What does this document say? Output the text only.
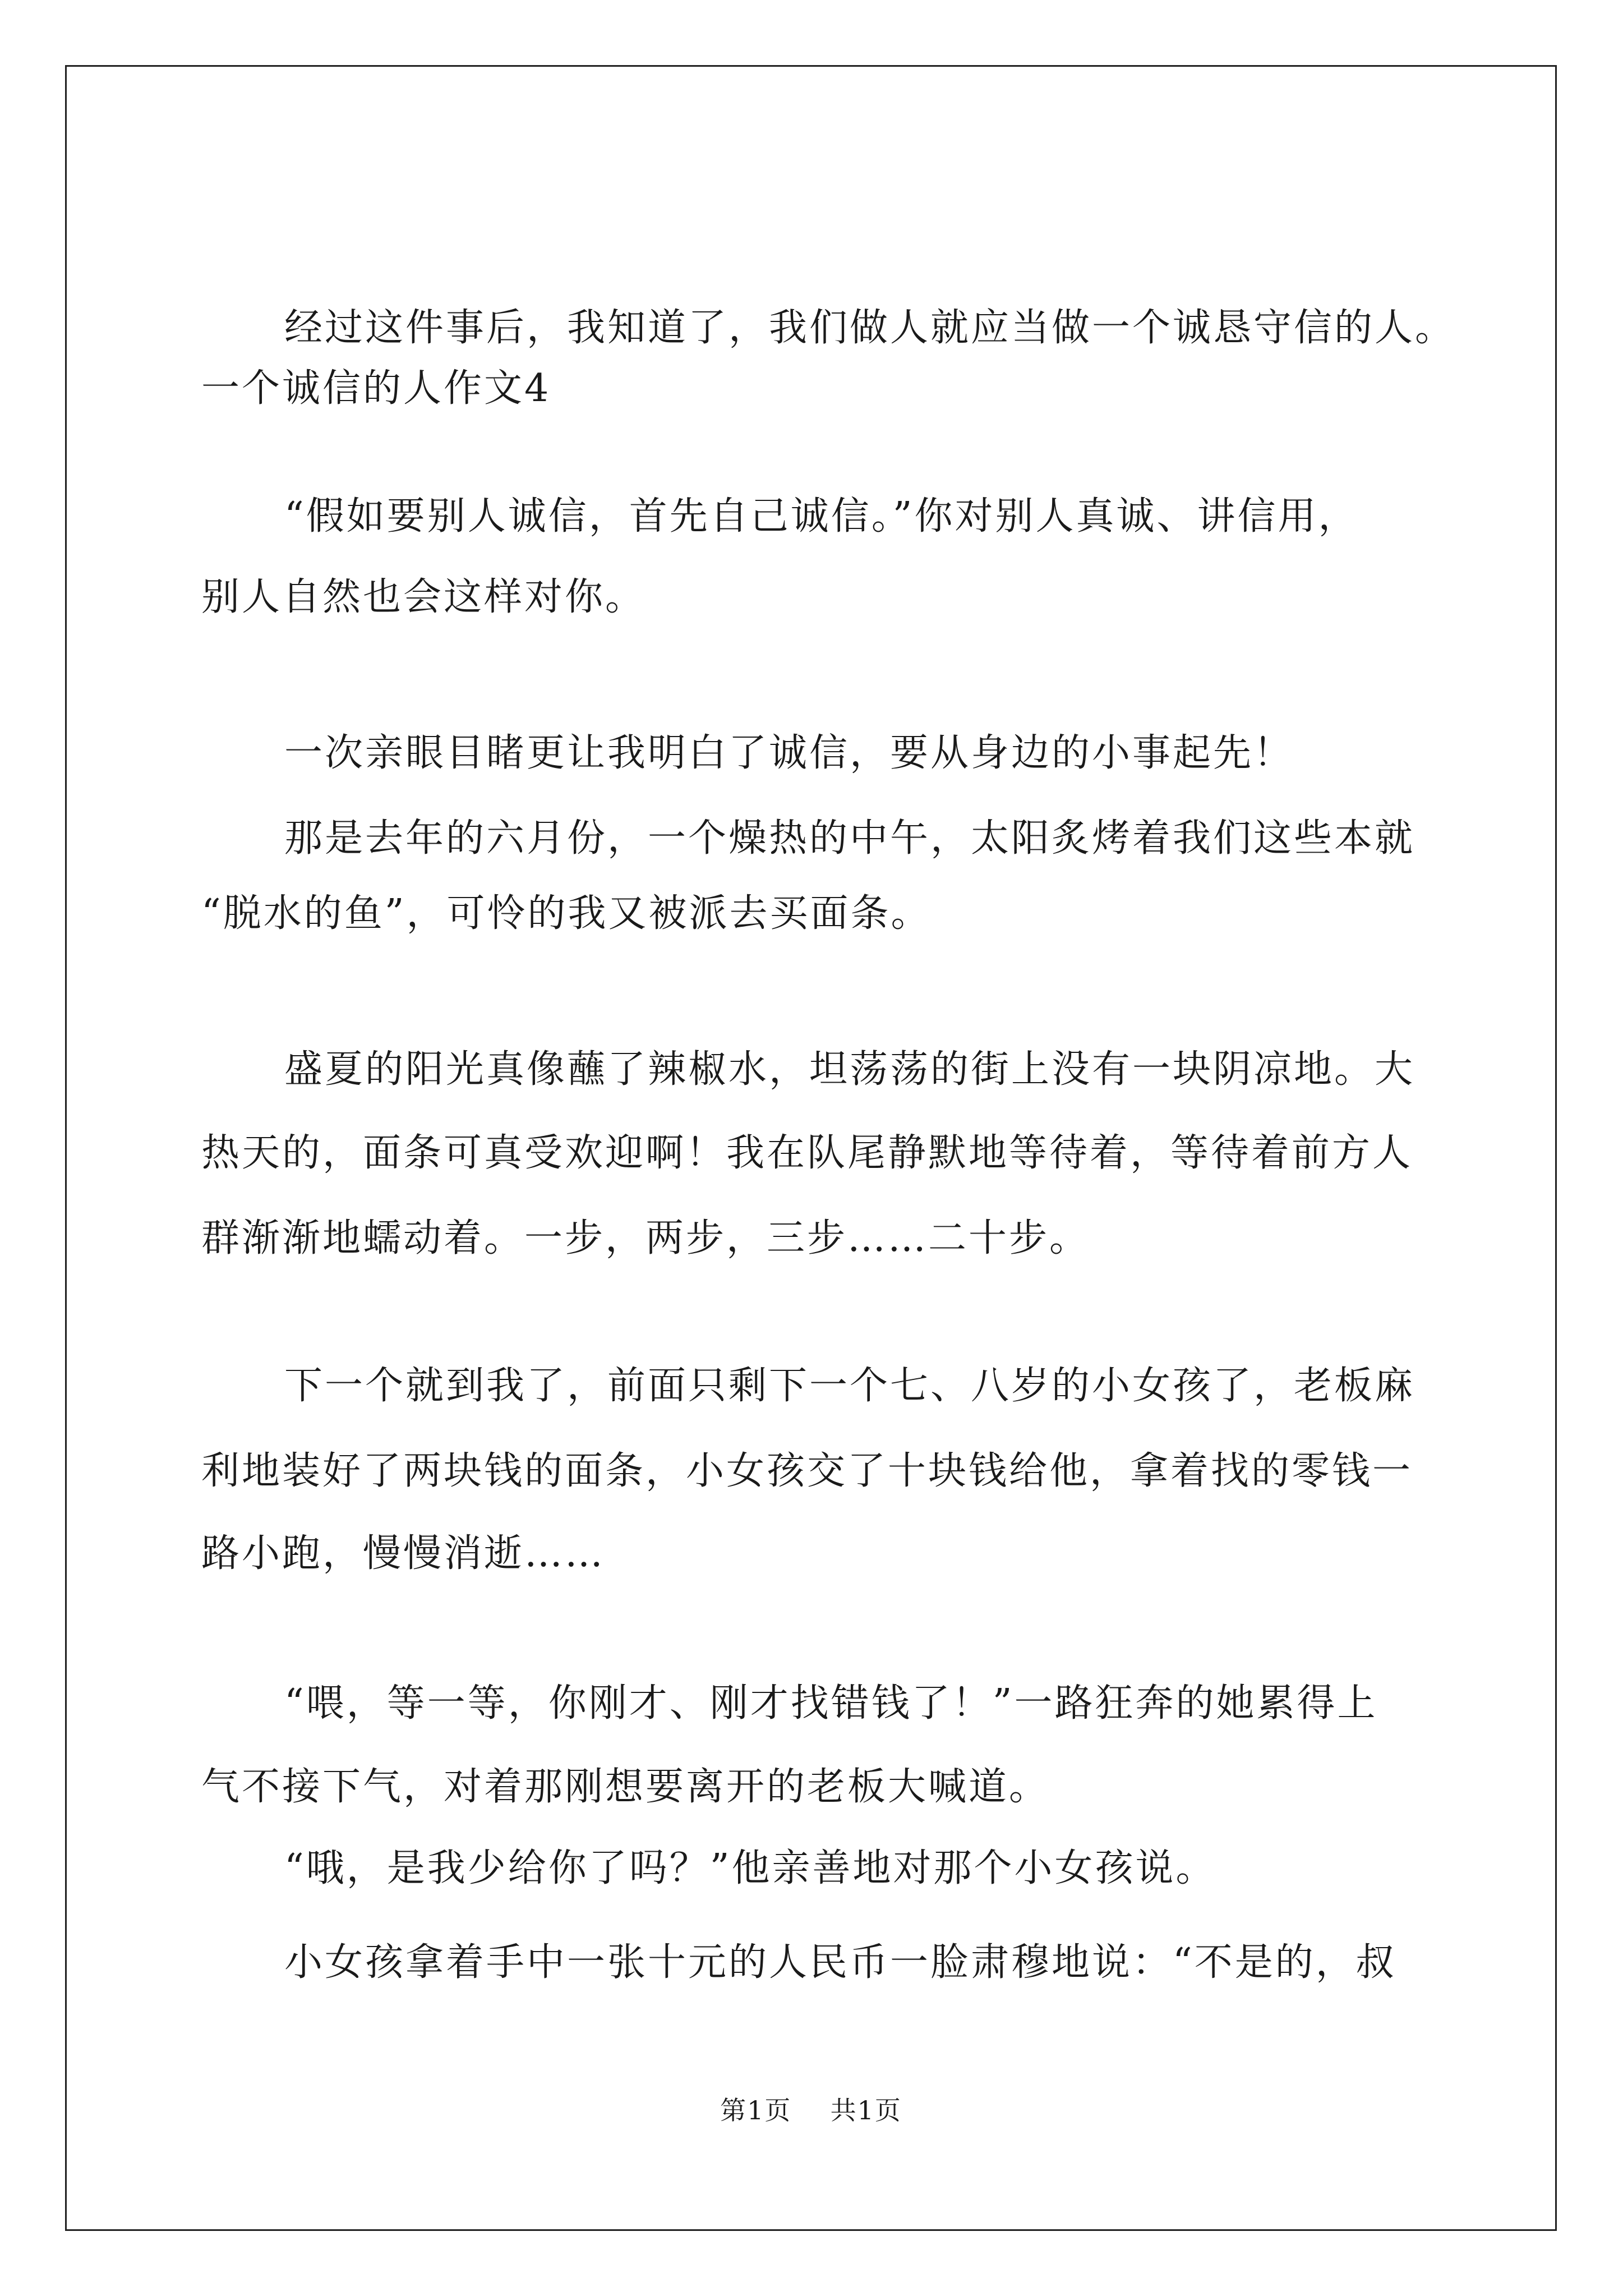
经过这件事后，我知道了，我们做人就应当做一个诚恳守信的人。
一个诚信的人作文4
“假如要别人诚信，首先自己诚信。”你对别人真诚、讲信用，
别人自然也会这样对你。
一次亲眼目睹更让我明白了诚信，要从身边的小事起先！
那是去年的六月份，一个燥热的中午，太阳炙烤着我们这些本就
“脱水的鱼”，可怜的我又被派去买面条。
盛夏的阳光真像蘸了辣椒水，坦荡荡的街上没有一块阴凉地。大
热天的，面条可真受欢迎啊！我在队尾静默地等待着，等待着前方人
群渐渐地蠕动着。一步，两步，三步……二十步。
下一个就到我了，前面只剩下一个七、八岁的小女孩了，老板麻
利地装好了两块钱的面条，小女孩交了十块钱给他，拿着找的零钱一
路小跑，慢慢消逝……
“喂，等一等，你刚才、刚才找错钱了！”一路狂奔的她累得上
气不接下气，对着那刚想要离开的老板大喊道。
“哦，是我少给你了吗？”他亲善地对那个小女孩说。
小女孩拿着手中一张十元的人民币一脸肃穆地说：“不是的，叔
第1页 共1页
